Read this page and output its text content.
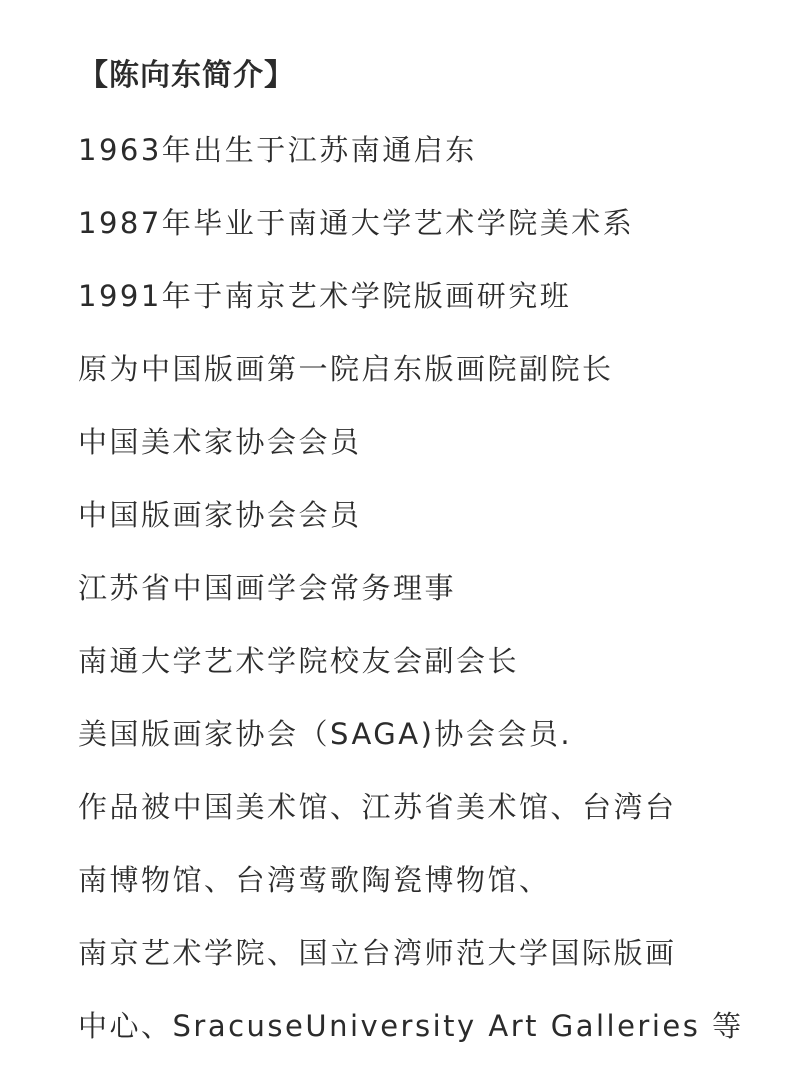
【陈向东简介】
1963年出生于江苏南通启东
1987年毕业于南通大学艺术学院美术系
1991年于南京艺术学院版画研究班
原为中国版画第一院启东版画院副院长
中国美术家协会会员
中国版画家协会会员
江苏省中国画学会常务理事
南通大学艺术学院校友会副会长
美国版画家协会（SAGA)协会会员.
作品被中国美术馆、江苏省美术馆、台湾台
南博物馆、台湾莺歌陶瓷博物馆、
南京艺术学院、国立台湾师范大学国际版画
中心、SracuseUniversity Art Galleries 等
